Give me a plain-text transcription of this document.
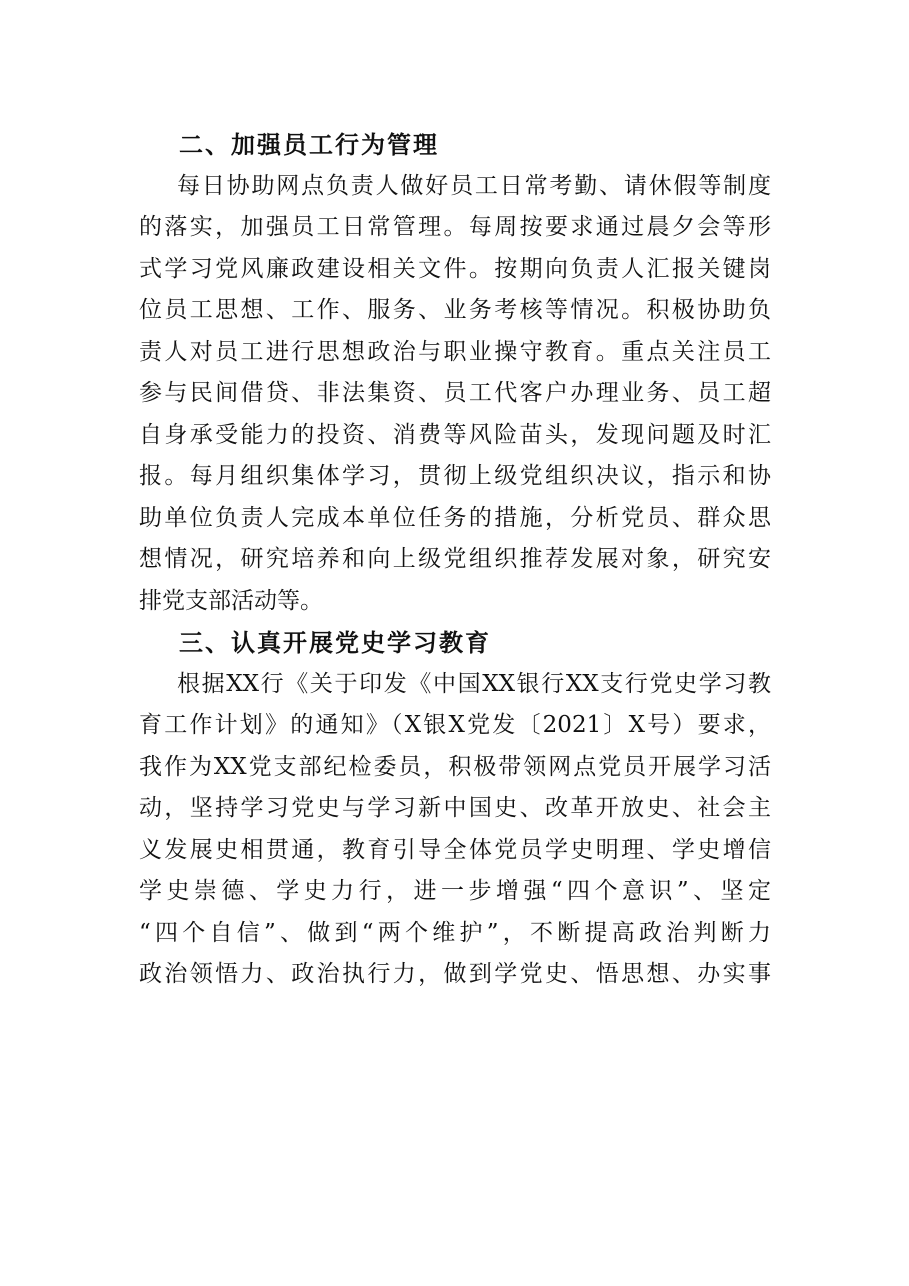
二、加强员工行为管理
每日协助网点负责人做好员工日常考勤、请休假等制度
的落实，加强员工日常管理。每周按要求通过晨夕会等形
式学习党风廉政建设相关文件。按期向负责人汇报关键岗
位员工思想、工作、服务、业务考核等情况。积极协助负
责人对员工进行思想政治与职业操守教育。重点关注员工
参与民间借贷、非法集资、员工代客户办理业务、员工超
自身承受能力的投资、消费等风险苗头，发现问题及时汇
报。每月组织集体学习，贯彻上级党组织决议，指示和协
助单位负责人完成本单位任务的措施，分析党员、群众思
想情况，研究培养和向上级党组织推荐发展对象，研究安
排党支部活动等。
三、认真开展党史学习教育
根据XX行《关于印发《中国XX银行XX支行党史学习教
育工作计划》的通知》（X银X党发〔2021〕X号）要求，
我作为XX党支部纪检委员，积极带领网点党员开展学习活
动，坚持学习党史与学习新中国史、改革开放史、社会主
义发展史相贯通，教育引导全体党员学史明理、学史增信
学史崇德、学史力行，进一步增强“四个意识”、坚定
“四个自信”、做到“两个维护”，不断提高政治判断力
政治领悟力、政治执行力，做到学党史、悟思想、办实事
